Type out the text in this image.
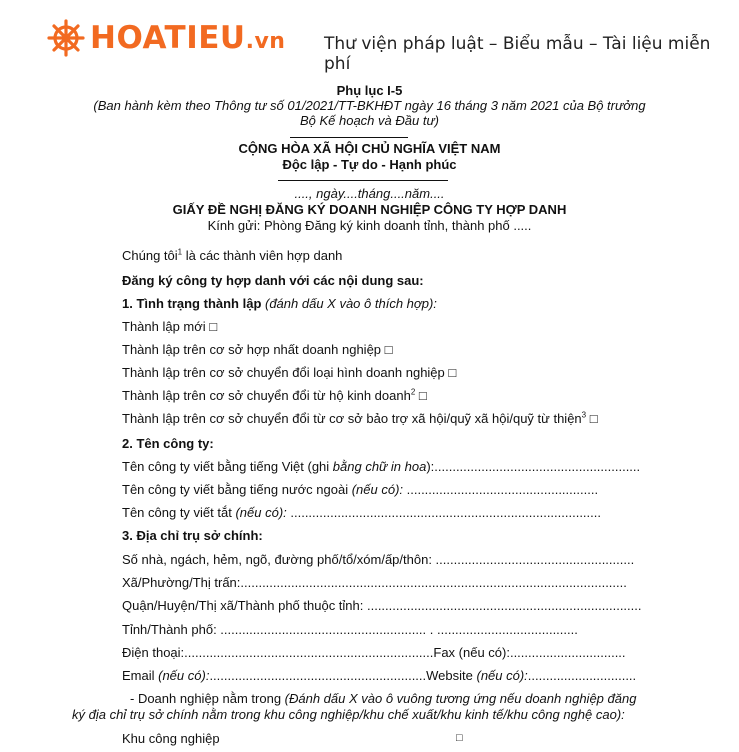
HOATIEU.vn Thư viện pháp luật – Biểu mẫu – Tài liệu miễn phí
Phụ lục I-5
(Ban hành kèm theo Thông tư số 01/2021/TT-BKHĐT ngày 16 tháng 3 năm 2021 của Bộ trưởng
Bộ Kế hoạch và Đầu tư)
CỘNG HÒA XÃ HỘI CHỦ NGHĨA VIỆT NAM
Độc lập - Tự do - Hạnh phúc
...., ngày....tháng....năm....
GIẤY ĐỀ NGHỊ ĐĂNG KÝ DOANH NGHIỆP CÔNG TY HỢP DANH
Kính gửi: Phòng Đăng ký kinh doanh tỉnh, thành phố .....
Chúng tôi$^1$ là các thành viên hợp danh
Đăng ký công ty hợp danh với các nội dung sau:
1. Tình trạng thành lập (đánh dấu X vào ô thích hợp):
Thành lập mới □
Thành lập trên cơ sở hợp nhất doanh nghiệp □
Thành lập trên cơ sở chuyển đổi loại hình doanh nghiệp □
Thành lập trên cơ sở chuyển đổi từ hộ kinh doanh$^2$ □
Thành lập trên cơ sở chuyển đổi từ cơ sở bảo trợ xã hội/quỹ xã hội/quỹ từ thiện$^3$ □
2. Tên công ty:
Tên công ty viết bằng tiếng Việt (ghi bằng chữ in hoa):.........................................................
Tên công ty viết bằng tiếng nước ngoài (nếu có): .....................................................
Tên công ty viết tắt (nếu có): ......................................................................................
3. Địa chỉ trụ sở chính:
Số nhà, ngách, hẻm, ngõ, đường phố/tổ/xóm/ấp/thôn: .......................................................
Xã/Phường/Thị trấn:...........................................................................................................
Quận/Huyện/Thị xã/Thành phố thuộc tỉnh: ............................................................................
Tỉnh/Thành phố: ......................................................... . .......................................
Điện thoại:.....................................................................Fax (nếu có):................................
Email (nếu có):............................................................Website (nếu có):..............................
- Doanh nghiệp nằm trong (Đánh dấu X vào ô vuông tương ứng nếu doanh nghiệp đăng
ký địa chỉ trụ sở chính nằm trong khu công nghiệp/khu chế xuất/khu kinh tế/khu công nghệ cao):
Khu công nghiệp	□
